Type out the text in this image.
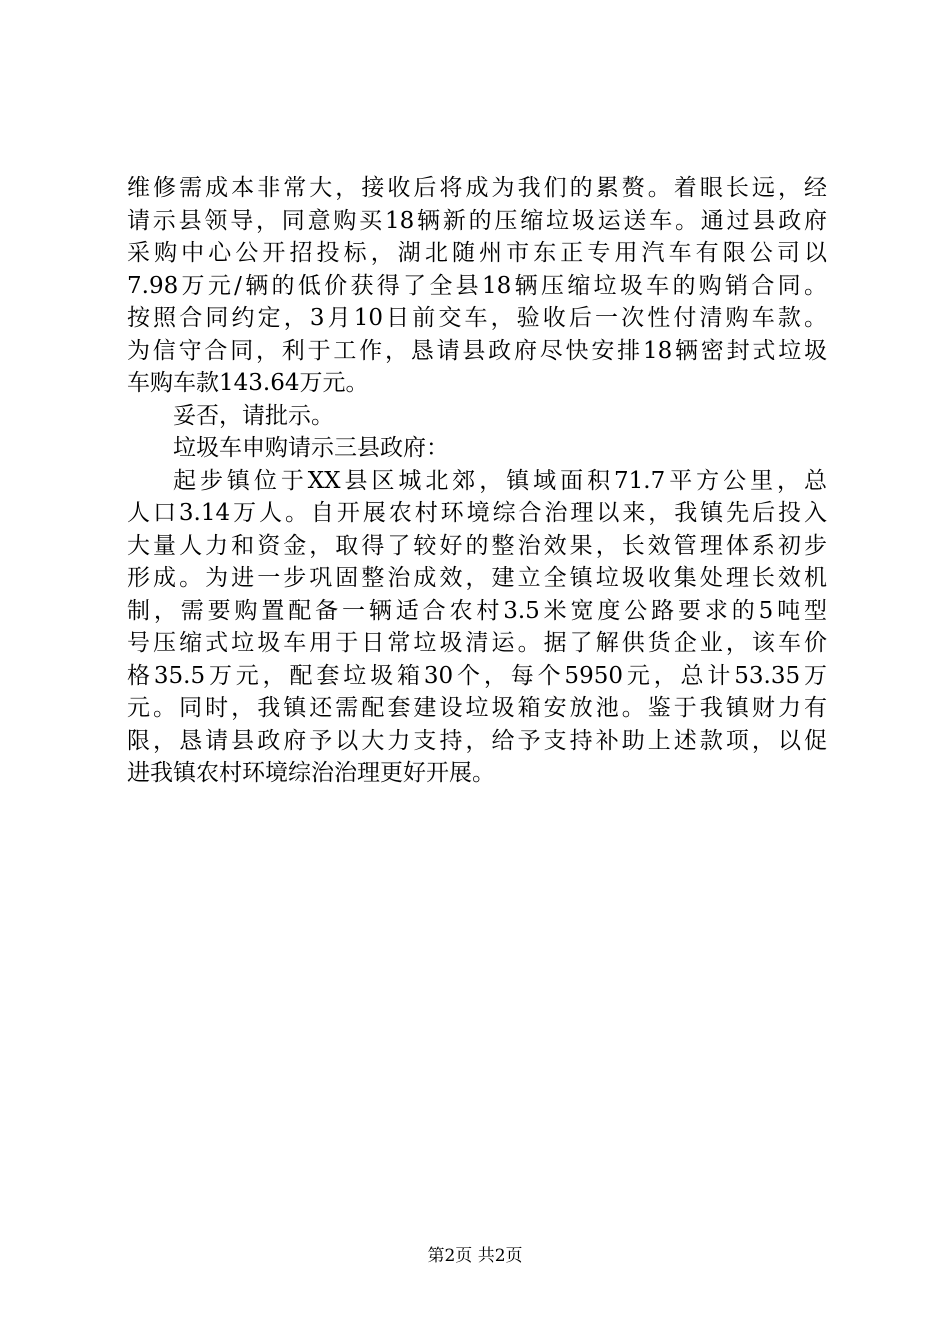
维修需成本非常大，接收后将成为我们的累赘。着眼长远，经
请示县领导，同意购买18辆新的压缩垃圾运送车。通过县政府
采购中心公开招投标，湖北随州市东正专用汽车有限公司以
7.98万元/辆的低价获得了全县18辆压缩垃圾车的购销合同。
按照合同约定，3月10日前交车，验收后一次性付清购车款。
为信守合同，利于工作，恳请县政府尽快安排18辆密封式垃圾
车购车款143.64万元。
妥否，请批示。
垃圾车申购请示三县政府：
起步镇位于XX县区城北郊，镇域面积71.7平方公里，总
人口3.14万人。自开展农村环境综合治理以来，我镇先后投入
大量人力和资金，取得了较好的整治效果，长效管理体系初步
形成。为进一步巩固整治成效，建立全镇垃圾收集处理长效机
制，需要购置配备一辆适合农村3.5米宽度公路要求的5吨型
号压缩式垃圾车用于日常垃圾清运。据了解供货企业，该车价
格35.5万元，配套垃圾箱30个，每个5950元，总计53.35万
元。同时，我镇还需配套建设垃圾箱安放池。鉴于我镇财力有
限，恳请县政府予以大力支持，给予支持补助上述款项，以促
进我镇农村环境综治治理更好开展。
第2页 共2页
